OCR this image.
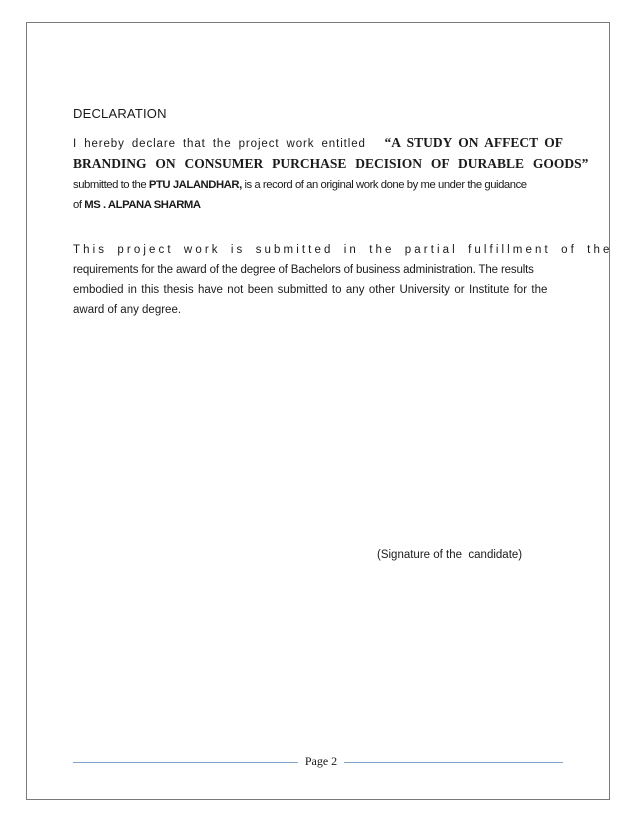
DECLARATION
I hereby declare that the project work entitled “A STUDY ON AFFECT OF
BRANDING ON CONSUMER PURCHASE DECISION OF DURABLE GOODS”
submitted to the PTU JALANDHAR, is a record of an original work done by me under the guidance
of MS . ALPANA SHARMA
This project work is submitted in the partial fulfillment of the
requirements for the award of the degree of Bachelors of business administration. The results
embodied in this thesis have not been submitted to any other University or Institute for the
award of any degree.
(Signature of the  candidate)
Page 2
